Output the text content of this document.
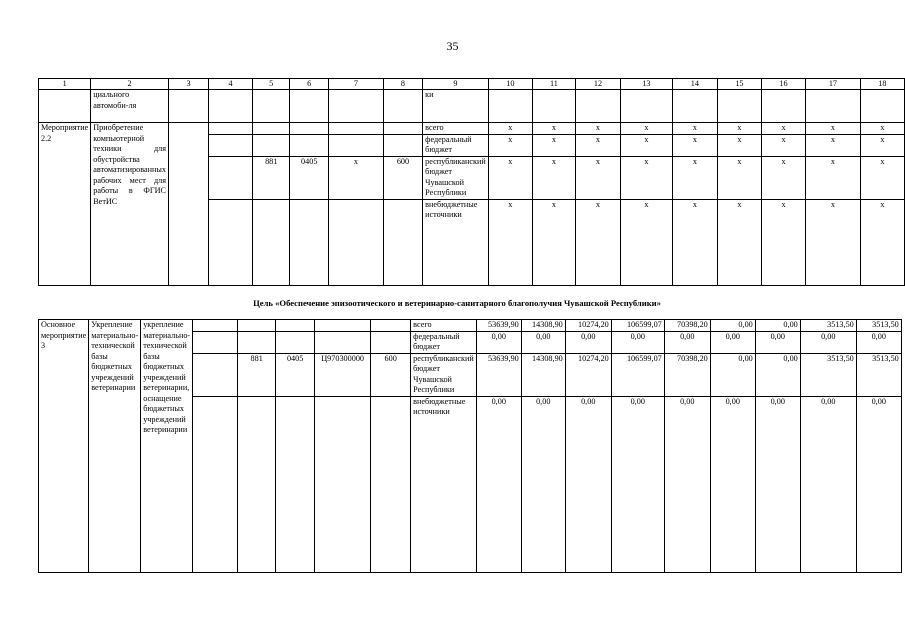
35
1	2	3	4	5	6	7	8	9	10	11	12	13	14	15	16	17	18
	циального автомоби-ля							ки									
Мероприятие 2.2	Приобретение компьютерной техники для обустройства автоматизированных рабочих мест для работы в ФГИС ВетИС							всего	x	x	x	x	x	x	x	x	x
								федеральный бюджет	x	x	x	x	x	x	x	x	x
				881	0405	x	600	республиканский бюджет Чувашской Республики	x	x	x	x	x	x	x	x	x
								внебюджетные источники	x	x	x	x	x	x	x	x	x
Цель «Обеспечение эпизоотического и ветеринарно-санитарного благополучия Чувашской Республики»
Основное мероприятие 3	Укрепление материально-технической базы бюджетных учреждений ветеринарии	укрепление материально-технической базы бюджетных учреждений ветеринарии, оснащение бюджетных учреждений ветеринарии						всего	53639,90	14308,90	10274,20	106599,07	70398,20	0,00	0,00	3513,50	3513,50
								федеральный бюджет	0,00	0,00	0,00	0,00	0,00	0,00	0,00	0,00	0,00
				881	0405	Ц970300000	600	республиканский бюджет Чувашской Республики	53639,90	14308,90	10274,20	106599,07	70398,20	0,00	0,00	3513,50	3513,50
								внебюджетные источники	0,00	0,00	0,00	0,00	0,00	0,00	0,00	0,00	0,00
